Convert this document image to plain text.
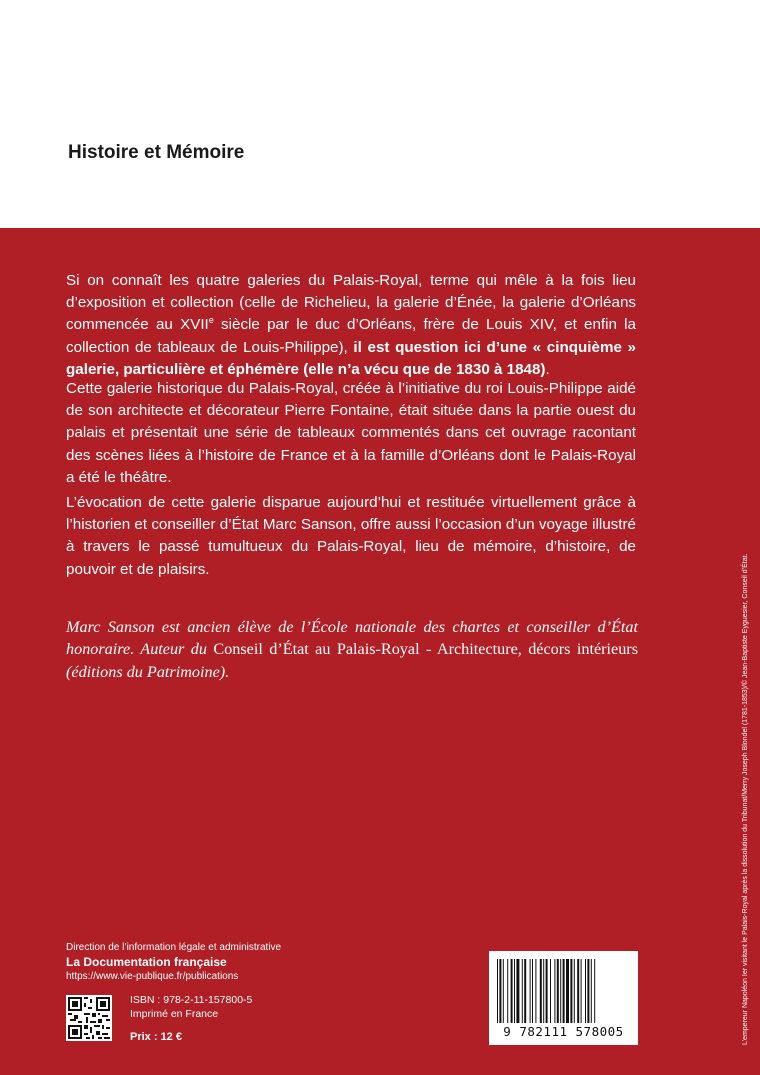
Histoire et Mémoire

Si on connaît les quatre galeries du Palais-Royal, terme qui mêle à la fois lieu d’exposition et collection (celle de Richelieu, la galerie d’Énée, la galerie d’Orléans commencée au XVIIe siècle par le duc d’Orléans, frère de Louis XIV, et enfin la collection de tableaux de Louis-Philippe), il est question ici d’une « cinquième » galerie, particulière et éphémère (elle n’a vécu que de 1830 à 1848).

Cette galerie historique du Palais-Royal, créée à l’initiative du roi Louis-Philippe aidé de son architecte et décorateur Pierre Fontaine, était située dans la partie ouest du palais et présentait une série de tableaux commentés dans cet ouvrage racontant des scènes liées à l’histoire de France et à la famille d’Orléans dont le Palais-Royal a été le théâtre.

L’évocation de cette galerie disparue aujourd’hui et restituée virtuellement grâce à l’historien et conseiller d’État Marc Sanson, offre aussi l’occasion d’un voyage illustré à travers le passé tumultueux du Palais-Royal, lieu de mémoire, d’histoire, de pouvoir et de plaisirs.

Marc Sanson est ancien élève de l’École nationale des chartes et conseiller d’État honoraire. Auteur du Conseil d’État au Palais-Royal - Architecture, décors intérieurs (éditions du Patrimoine).

Direction de l’information légale et administrative
La Documentation française
https://www.vie-publique.fr/publications
ISBN : 978-2-11-157800-5
Imprimé en France
Prix : 12 €	9 782111 578005	L’empereur Napoléon Ier visitant le Palais-Royal après la dissolution du Tribunat/Merry Joseph Blondel (1781-1853)/© Jean-Baptiste Eyguesier, Conseil d’État.
